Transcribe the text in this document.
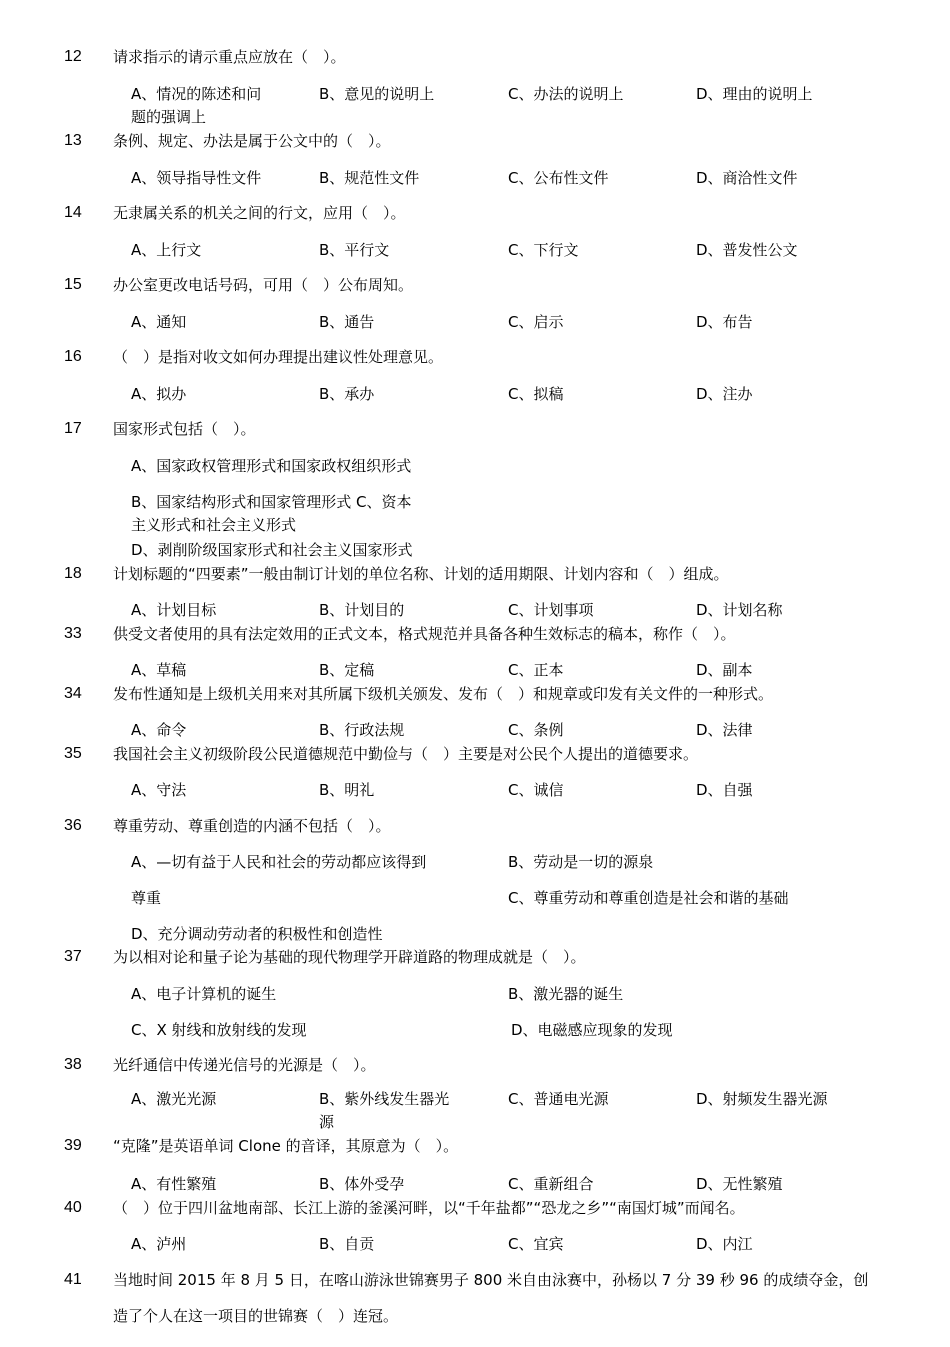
12 请求指示的请示重点应放在（　）。
A、情况的陈述和问
题的强调上
B、意见的说明上	C、办法的说明上	D、理由的说明上
13 条例、规定、办法是属于公文中的（　）。
A、领导指导性文件	B、规范性文件	C、公布性文件	D、商洽性文件
14 无隶属关系的机关之间的行文，应用（　）。
A、上行文	B、平行文	C、下行文	D、普发性公文
15 办公室更改电话号码，可用（　）公布周知。
A、通知	B、通告	C、启示	D、布告
16 （　）是指对收文如何办理提出建议性处理意见。
A、拟办	B、承办	C、拟稿	D、注办
17 国家形式包括（　）。
A、国家政权管理形式和国家政权组织形式
B、国家结构形式和国家管理形式 C、资本
主义形式和社会主义形式
D、剥削阶级国家形式和社会主义国家形式
18 计划标题的“四要素”一般由制订计划的单位名称、计划的适用期限、计划内容和（　）组成。
A、计划目标	B、计划目的	C、计划事项	D、计划名称
33 供受文者使用的具有法定效用的正式文本，格式规范并具备各种生效标志的稿本，称作（　）。
A、草稿	B、定稿	C、正本	D、副本
34 发布性通知是上级机关用来对其所属下级机关颁发、发布（　）和规章或印发有关文件的一种形式。
A、命令	B、行政法规	C、条例	D、法律
35 我国社会主义初级阶段公民道德规范中勤俭与（　）主要是对公民个人提出的道德要求。
A、守法	B、明礼	C、诚信	D、自强
36 尊重劳动、尊重创造的内涵不包括（　）。
A、—切有益于人民和社会的劳动都应该得到	B、劳动是一切的源泉
尊重	C、尊重劳动和尊重创造是社会和谐的基础
D、充分调动劳动者的积极性和创造性
37 为以相对论和量子论为基础的现代物理学开辟道路的物理成就是（　）。
A、电子计算机的诞生	B、激光器的诞生
C、X 射线和放射线的发现	D、电磁感应现象的发现
38 光纤通信中传递光信号的光源是（　）。
A、激光光源	B、紫外线发生器光
源
C、普通电光源	D、射频发生器光源
39 “克隆”是英语单词 Clone 的音译，其原意为（　）。
A、有性繁殖	B、体外受孕	C、重新组合	D、无性繁殖
40 （　）位于四川盆地南部、长江上游的釜溪河畔，以“千年盐都”“恐龙之乡”“南国灯城”而闻名。
A、泸州	B、自贡	C、宜宾	D、内江
41 当地时间 2015 年 8 月 5 日，在喀山游泳世锦赛男子 800 米自由泳赛中，孙杨以 7 分 39 秒 96 的成绩夺金，创
造了个人在这一项目的世锦赛（　）连冠。
